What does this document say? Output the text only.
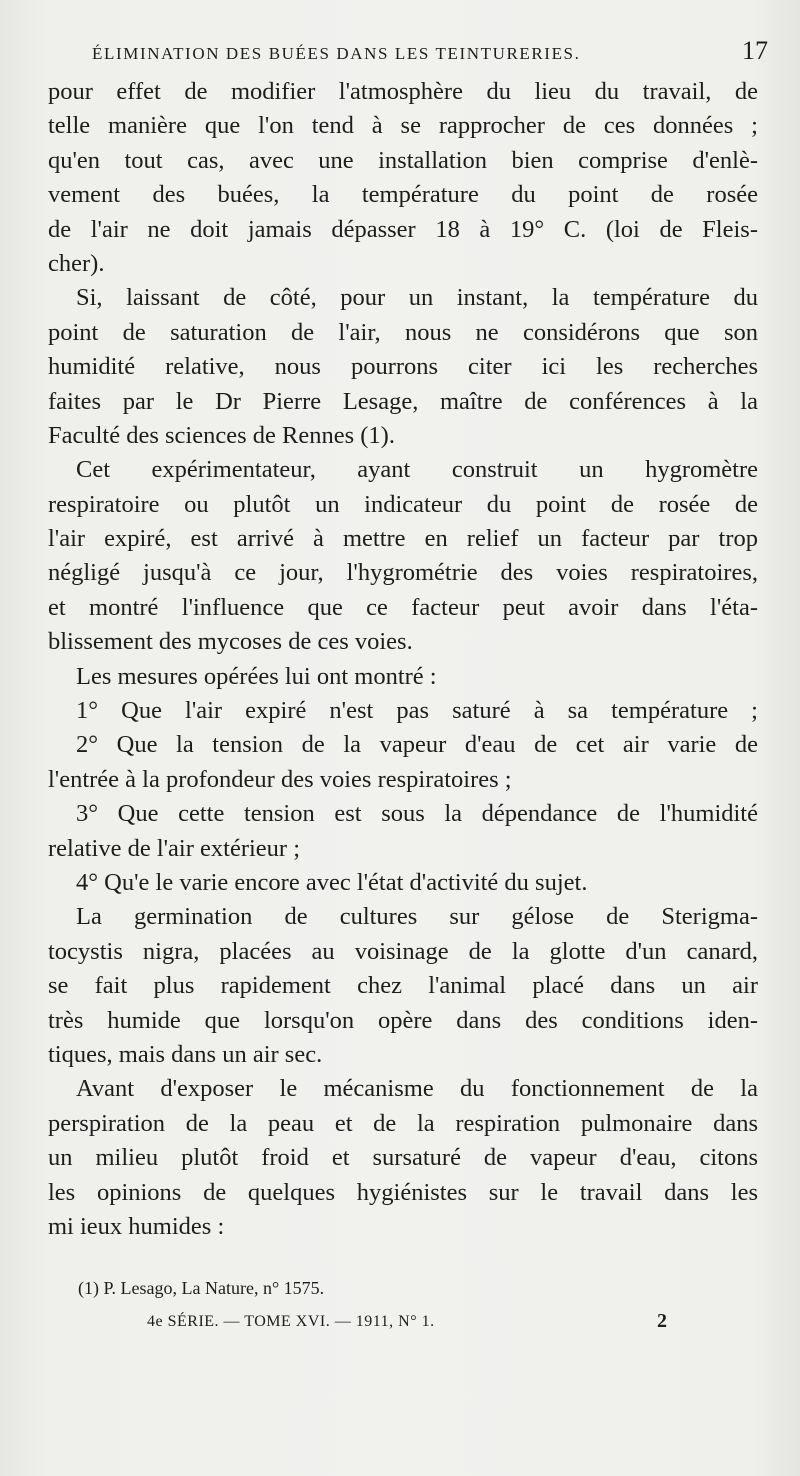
ÉLIMINATION DES BUÉES DANS LES TEINTURERIES.	17
pour effet de modifier l'atmosphère du lieu du travail, de
telle manière que l'on tend à se rapprocher de ces données ;
qu'en tout cas, avec une installation bien comprise d'enlè-
vement des buées, la température du point de rosée
de l'air ne doit jamais dépasser 18 à 19° C. (loi de Fleis-
cher).
Si, laissant de côté, pour un instant, la température du
point de saturation de l'air, nous ne considérons que son
humidité relative, nous pourrons citer ici les recherches
faites par le Dr Pierre Lesage, maître de conférences à la
Faculté des sciences de Rennes (1).
Cet expérimentateur, ayant construit un hygromètre
respiratoire ou plutôt un indicateur du point de rosée de
l'air expiré, est arrivé à mettre en relief un facteur par trop
négligé jusqu'à ce jour, l'hygrométrie des voies respiratoires,
et montré l'influence que ce facteur peut avoir dans l'éta-
blissement des mycoses de ces voies.
Les mesures opérées lui ont montré :
1° Que l'air expiré n'est pas saturé à sa température ;
2° Que la tension de la vapeur d'eau de cet air varie de
l'entrée à la profondeur des voies respiratoires ;
3° Que cette tension est sous la dépendance de l'humidité
relative de l'air extérieur ;
4° Qu'e le varie encore avec l'état d'activité du sujet.
La germination de cultures sur gélose de Sterigma-
tocystis nigra, placées au voisinage de la glotte d'un canard,
se fait plus rapidement chez l'animal placé dans un air
très humide que lorsqu'on opère dans des conditions iden-
tiques, mais dans un air sec.
Avant d'exposer le mécanisme du fonctionnement de la
perspiration de la peau et de la respiration pulmonaire dans
un milieu plutôt froid et sursaturé de vapeur d'eau, citons
les opinions de quelques hygiénistes sur le travail dans les
mi ieux humides :
(1) P. Lesago, La Nature, n° 1575.
4e SÉRIE. — TOME XVI. — 1911, N° 1.	2
